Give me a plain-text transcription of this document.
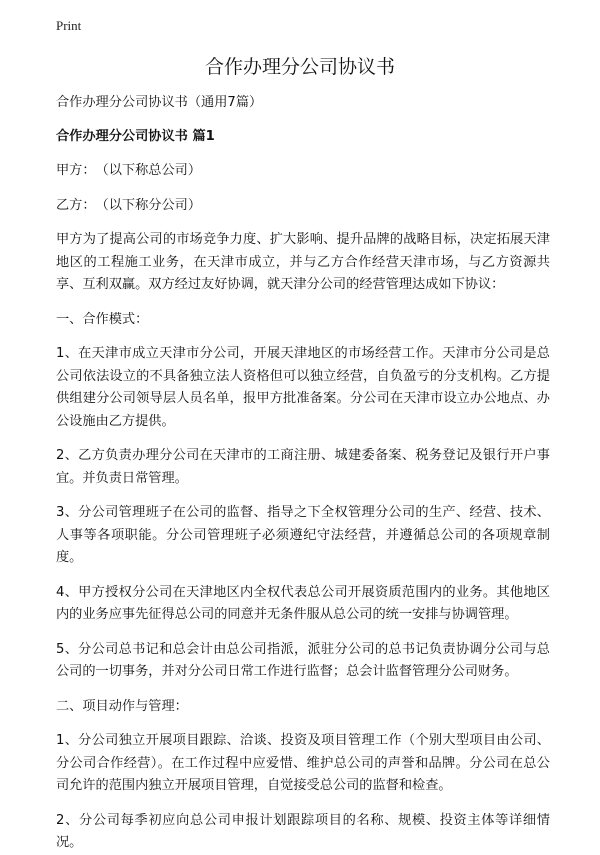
Print
合作办理分公司协议书

合作办理分公司协议书（通用7篇）

合作办理分公司协议书 篇1

甲方：　（以下称总公司）

乙方：　（以下称分公司）

甲方为了提高公司的市场竞争力度、扩大影响、提升品牌的战略目标，决定拓展天津地区的工程施工业务，在天津市成立，并与乙方合作经营天津市场，与乙方资源共享、互利双赢。双方经过友好协调，就天津分公司的经营管理达成如下协议：

一、合作模式：

1、在天津市成立天津市分公司，开展天津地区的市场经营工作。天津市分公司是总公司依法设立的不具备独立法人资格但可以独立经营，自负盈亏的分支机构。乙方提供组建分公司领导层人员名单，报甲方批准备案。分公司在天津市设立办公地点、办公设施由乙方提供。

2、乙方负责办理分公司在天津市的工商注册、城建委备案、税务登记及银行开户事宜。并负责日常管理。

3、分公司管理班子在公司的监督、指导之下全权管理分公司的生产、经营、技术、人事等各项职能。分公司管理班子必须遵纪守法经营，并遵循总公司的各项规章制度。

4、甲方授权分公司在天津地区内全权代表总公司开展资质范围内的业务。其他地区内的业务应事先征得总公司的同意并无条件服从总公司的统一安排与协调管理。

5、分公司总书记和总会计由总公司指派，派驻分公司的总书记负责协调分公司与总公司的一切事务，并对分公司日常工作进行监督；总会计监督管理分公司财务。

二、项目动作与管理：

1、分公司独立开展项目跟踪、洽谈、投资及项目管理工作（个别大型项目由公司、分公司合作经营）。在工作过程中应爱惜、维护总公司的声誉和品牌。分公司在总公司允许的范围内独立开展项目管理，自觉接受总公司的监督和检查。

2、分公司每季初应向总公司申报计划跟踪项目的名称、规模、投资主体等详细情况。
